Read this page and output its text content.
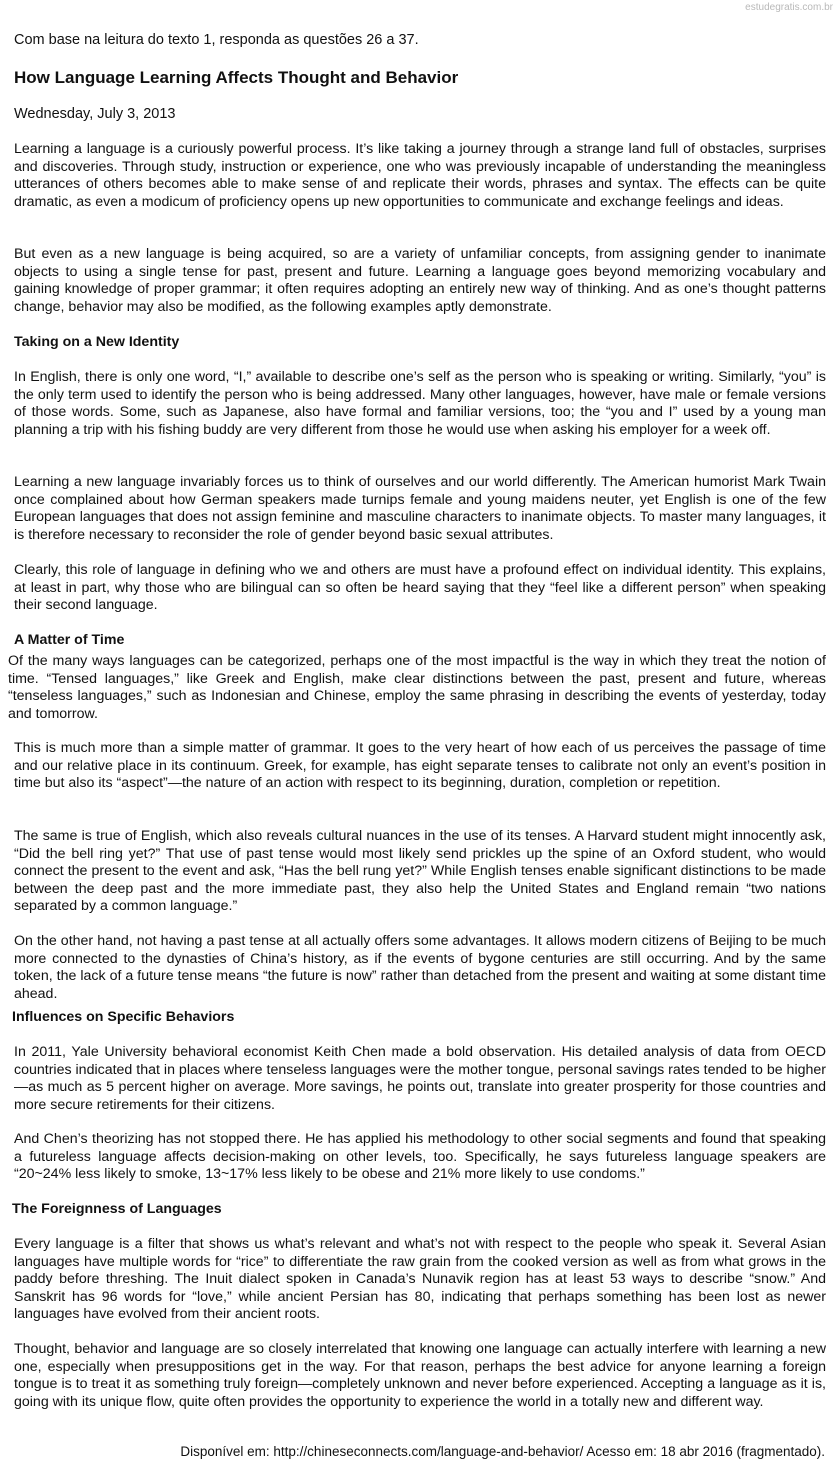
estudegratis.com.br
Com base na leitura do texto 1, responda as questões 26 a 37.
How Language Learning Affects Thought and Behavior
Wednesday, July 3, 2013

Learning a language is a curiously powerful process. It’s like taking a journey through a strange land full of obstacles, surprises and discoveries. Through study, instruction or experience, one who was previously incapable of understanding the meaningless utterances of others becomes able to make sense of and replicate their words, phrases and syntax. The effects can be quite dramatic, as even a modicum of proficiency opens up new opportunities to communicate and exchange feelings and ideas.

But even as a new language is being acquired, so are a variety of unfamiliar concepts, from assigning gender to inanimate objects to using a single tense for past, present and future. Learning a language goes beyond memorizing vocabulary and gaining knowledge of proper grammar; it often requires adopting an entirely new way of thinking. And as one’s thought patterns change, behavior may also be modified, as the following examples aptly demonstrate.

Taking on a New Identity

In English, there is only one word, “I,” available to describe one’s self as the person who is speaking or writing. Similarly, “you” is the only term used to identify the person who is being addressed. Many other languages, however, have male or female versions of those words. Some, such as Japanese, also have formal and familiar versions, too; the “you and I” used by a young man planning a trip with his fishing buddy are very different from those he would use when asking his employer for a week off.

Learning a new language invariably forces us to think of ourselves and our world differently. The American humorist Mark Twain once complained about how German speakers made turnips female and young maidens neuter, yet English is one of the few European languages that does not assign feminine and masculine characters to inanimate objects. To master many languages, it is therefore necessary to reconsider the role of gender beyond basic sexual attributes.

Clearly, this role of language in defining who we and others are must have a profound effect on individual identity. This explains, at least in part, why those who are bilingual can so often be heard saying that they “feel like a different person” when speaking their second language.

A Matter of Time

Of the many ways languages can be categorized, perhaps one of the most impactful is the way in which they treat the notion of time. “Tensed languages,” like Greek and English, make clear distinctions between the past, present and future, whereas “tenseless languages,” such as Indonesian and Chinese, employ the same phrasing in describing the events of yesterday, today and tomorrow.

This is much more than a simple matter of grammar. It goes to the very heart of how each of us perceives the passage of time and our relative place in its continuum. Greek, for example, has eight separate tenses to calibrate not only an event’s position in time but also its “aspect”—the nature of an action with respect to its beginning, duration, completion or repetition.

The same is true of English, which also reveals cultural nuances in the use of its tenses. A Harvard student might innocently ask, “Did the bell ring yet?” That use of past tense would most likely send prickles up the spine of an Oxford student, who would connect the present to the event and ask, “Has the bell rung yet?” While English tenses enable significant distinctions to be made between the deep past and the more immediate past, they also help the United States and England remain “two nations separated by a common language.”

On the other hand, not having a past tense at all actually offers some advantages. It allows modern citizens of Beijing to be much more connected to the dynasties of China’s history, as if the events of bygone centuries are still occurring. And by the same token, the lack of a future tense means “the future is now” rather than detached from the present and waiting at some distant time ahead.

Influences on Specific Behaviors

In 2011, Yale University behavioral economist Keith Chen made a bold observation. His detailed analysis of data from OECD countries indicated that in places where tenseless languages were the mother tongue, personal savings rates tended to be higher—as much as 5 percent higher on average. More savings, he points out, translate into greater prosperity for those countries and more secure retirements for their citizens.

And Chen’s theorizing has not stopped there. He has applied his methodology to other social segments and found that speaking a futureless language affects decision-making on other levels, too. Specifically, he says futureless language speakers are “20~24% less likely to smoke, 13~17% less likely to be obese and 21% more likely to use condoms.”

The Foreignness of Languages

Every language is a filter that shows us what’s relevant and what’s not with respect to the people who speak it. Several Asian languages have multiple words for “rice” to differentiate the raw grain from the cooked version as well as from what grows in the paddy before threshing. The Inuit dialect spoken in Canada’s Nunavik region has at least 53 ways to describe “snow.” And Sanskrit has 96 words for “love,” while ancient Persian has 80, indicating that perhaps something has been lost as newer languages have evolved from their ancient roots.

Thought, behavior and language are so closely interrelated that knowing one language can actually interfere with learning a new one, especially when presuppositions get in the way. For that reason, perhaps the best advice for anyone learning a foreign tongue is to treat it as something truly foreign—completely unknown and never before experienced. Accepting a language as it is, going with its unique flow, quite often provides the opportunity to experience the world in a totally new and different way.

Disponível em: http://chineseconnects.com/language-and-behavior/ Acesso em: 18 abr 2016 (fragmentado).
